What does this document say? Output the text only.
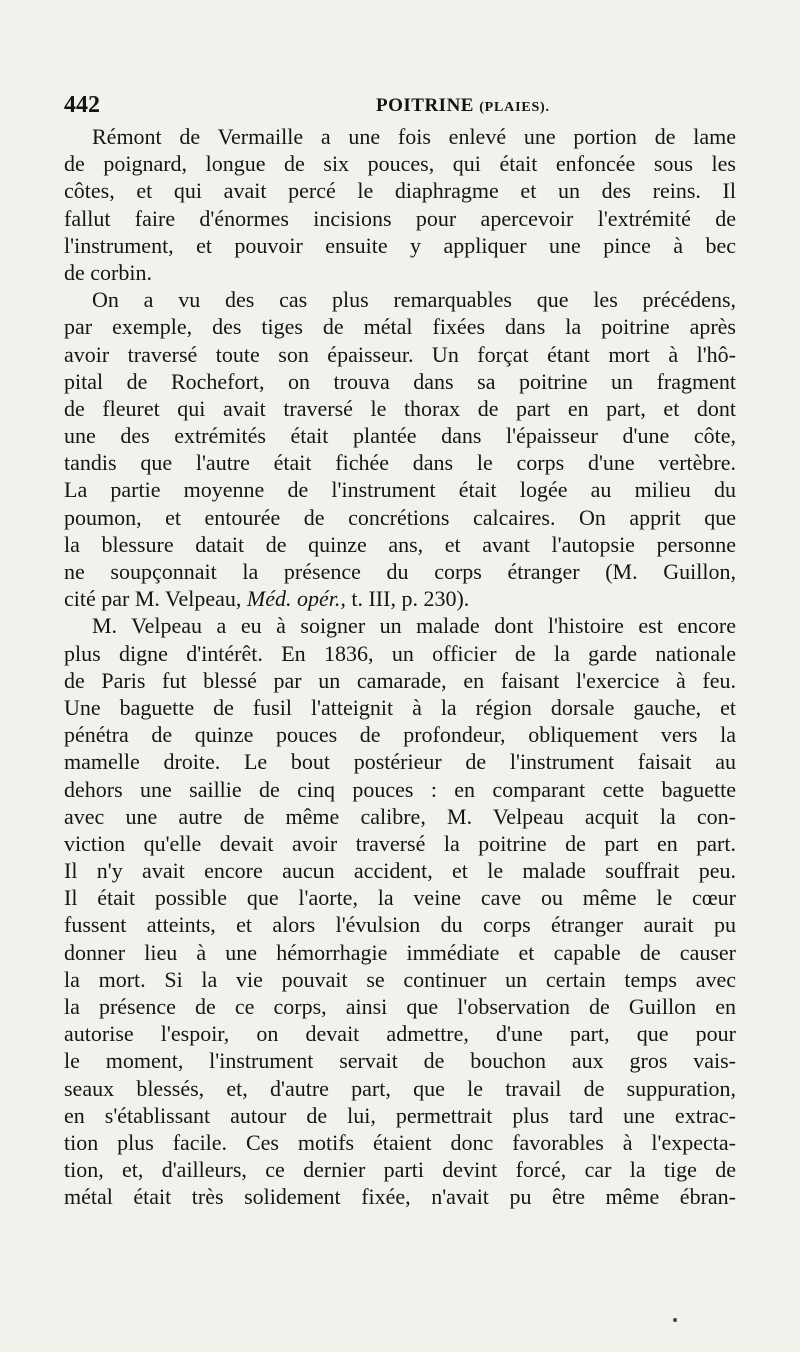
442	POITRINE (PLAIES).
Rémont de Vermaille a une fois enlevé une portion de lame
de poignard, longue de six pouces, qui était enfoncée sous les
côtes, et qui avait percé le diaphragme et un des reins. Il
fallut faire d'énormes incisions pour apercevoir l'extrémité de
l'instrument, et pouvoir ensuite y appliquer une pince à bec
de corbin.
On a vu des cas plus remarquables que les précédens,
par exemple, des tiges de métal fixées dans la poitrine après
avoir traversé toute son épaisseur. Un forçat étant mort à l'hô-
pital de Rochefort, on trouva dans sa poitrine un fragment
de fleuret qui avait traversé le thorax de part en part, et dont
une des extrémités était plantée dans l'épaisseur d'une côte,
tandis que l'autre était fichée dans le corps d'une vertèbre.
La partie moyenne de l'instrument était logée au milieu du
poumon, et entourée de concrétions calcaires. On apprit que
la blessure datait de quinze ans, et avant l'autopsie personne
ne soupçonnait la présence du corps étranger (M. Guillon,
cité par M. Velpeau, Méd. opér., t. III, p. 230).
M. Velpeau a eu à soigner un malade dont l'histoire est encore
plus digne d'intérêt. En 1836, un officier de la garde nationale
de Paris fut blessé par un camarade, en faisant l'exercice à feu.
Une baguette de fusil l'atteignit à la région dorsale gauche, et
pénétra de quinze pouces de profondeur, obliquement vers la
mamelle droite. Le bout postérieur de l'instrument faisait au
dehors une saillie de cinq pouces : en comparant cette baguette
avec une autre de même calibre, M. Velpeau acquit la con-
viction qu'elle devait avoir traversé la poitrine de part en part.
Il n'y avait encore aucun accident, et le malade souffrait peu.
Il était possible que l'aorte, la veine cave ou même le cœur
fussent atteints, et alors l'évulsion du corps étranger aurait pu
donner lieu à une hémorrhagie immédiate et capable de causer
la mort. Si la vie pouvait se continuer un certain temps avec
la présence de ce corps, ainsi que l'observation de Guillon en
autorise l'espoir, on devait admettre, d'une part, que pour
le moment, l'instrument servait de bouchon aux gros vais-
seaux blessés, et, d'autre part, que le travail de suppuration,
en s'établissant autour de lui, permettrait plus tard une extrac-
tion plus facile. Ces motifs étaient donc favorables à l'expecta-
tion, et, d'ailleurs, ce dernier parti devint forcé, car la tige de
métal était très solidement fixée, n'avait pu être même ébran-
